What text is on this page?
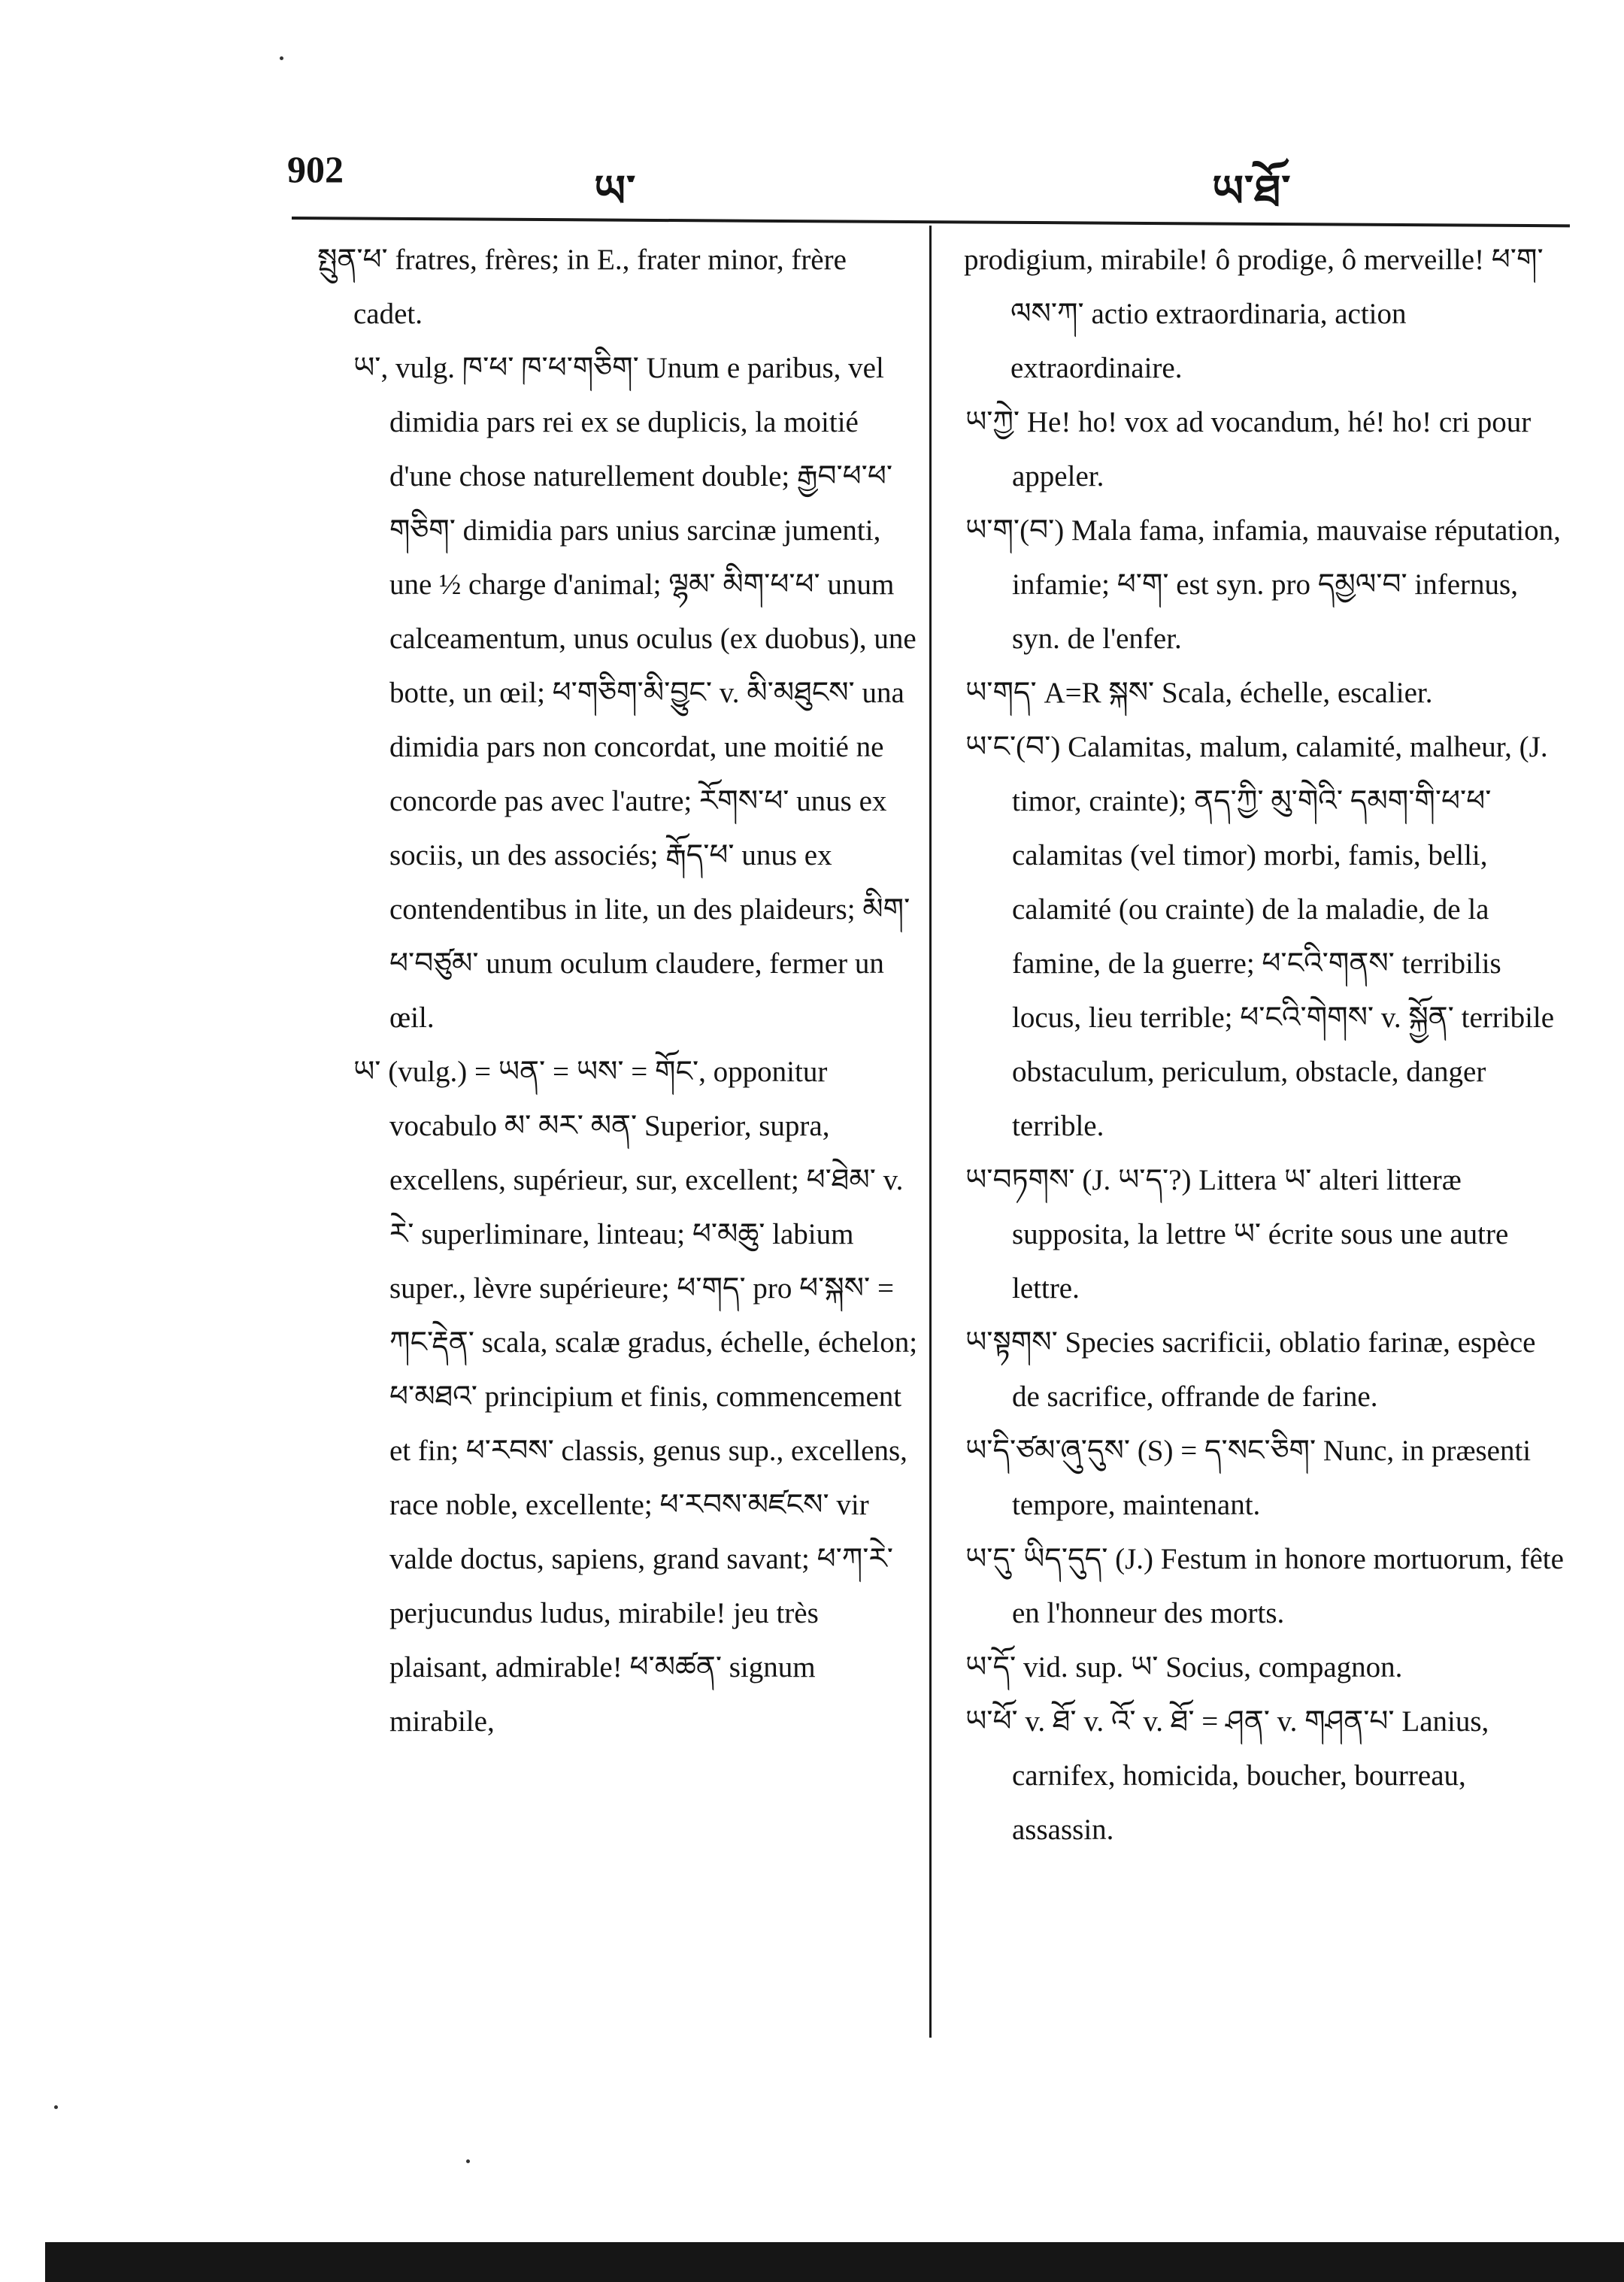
902	ཡ་	ཡ་ཐོ་

སྤུན་ཕ་ fratres, frères; in E., frater minor, frère cadet.

ཡ་, vulg. ཁ་ཕ་ ཁ་ཕ་གཅིག་ Unum e paribus, vel dimidia pars rei ex se duplicis, la moitié d'une chose naturellement double; རྒྱབ་ཕ་ཕ་གཅིག་ dimidia pars unius sarcinæ jumenti, une ½ charge d'animal; ལྷམ་ མིག་ཕ་ཕ་ unum calceamentum, unus oculus (ex duobus), une botte, un œil; ཕ་གཅིག་མི་བྱུང་ v. མི་མཐུངས་ una dimidia pars non concordat, une moitié ne concorde pas avec l'autre; རོགས་ཕ་ unus ex sociis, un des associés; རྒོད་ཕ་ unus ex contendentibus in lite, un des plaideurs; མིག་ཕ་བཙུམ་ unum oculum claudere, fermer un œil.

ཡ་ (vulg.) = ཡན་ = ཡས་ = གོང་, opponitur vocabulo མ་ མར་ མན་ Superior, supra, excellens, supérieur, sur, excellent; ཕ་ཐེམ་ v. རེ་ superliminare, linteau; ཕ་མཆུ་ labium super., lèvre supérieure; ཕ་གད་ pro ཕ་སྐས་ = ཀང་རྡེན་ scala, scalæ gradus, échelle, échelon; ཕ་མཐའ་ principium et finis, commencement et fin; ཕ་རབས་ classis, genus sup., excellens, race noble, excellente; ཕ་རབས་མཛངས་ vir valde doctus, sapiens, grand savant; ཕ་ཀ་རེ་ perjucundus ludus, mirabile! jeu très plaisant, admirable! ཕ་མཚན་ signum mirabile,

prodigium, mirabile! ô prodige, ô merveille! ཕ་ག་ལས་ཀ་ actio extraordinaria, action extraordinaire.

ཡ་ཀྱེ་ He! ho! vox ad vocandum, hé! ho! cri pour appeler.

ཡ་ག་(བ་) Mala fama, infamia, mauvaise réputation, infamie; ཕ་ག་ est syn. pro དམྱལ་བ་ infernus, syn. de l'enfer.

ཡ་གད་ A=R སྐས་ Scala, échelle, escalier.

ཡ་ང་(བ་) Calamitas, malum, calamité, malheur, (J. timor, crainte); ནད་ཀྱི་ མུ་གེའི་ དམག་གི་ཕ་ཕ་ calamitas (vel timor) morbi, famis, belli, calamité (ou crainte) de la maladie, de la famine, de la guerre; ཕ་ངའི་གནས་ terribilis locus, lieu terrible; ཕ་ངའི་གེགས་ v. སྐྱོན་ terribile obstaculum, periculum, obstacle, danger terrible.

ཡ་བཏགས་ (J. ཡ་ད་?) Littera ཡ་ alteri litteræ supposita, la lettre ཡ་ écrite sous une autre lettre.

ཡ་སྟགས་ Species sacrificii, oblatio farinæ, espèce de sacrifice, offrande de farine.

ཡ་དི་ཙམ་ཞུ་དུས་ (S) = ད་སང་ཅིག་ Nunc, in præsenti tempore, maintenant.

ཡ་དུ་ ཡིད་དུད་ (J.) Festum in honore mortuorum, fête en l'honneur des morts.

ཡ་དོ་ vid. sup. ཡ་ Socius, compagnon.

ཡ་ཕོ་ v. ཐོ་ v. འོ་ v. ཐོ་ = ཤན་ v. གཤན་པ་ Lanius, carnifex, homicida, boucher, bourreau, assassin.
